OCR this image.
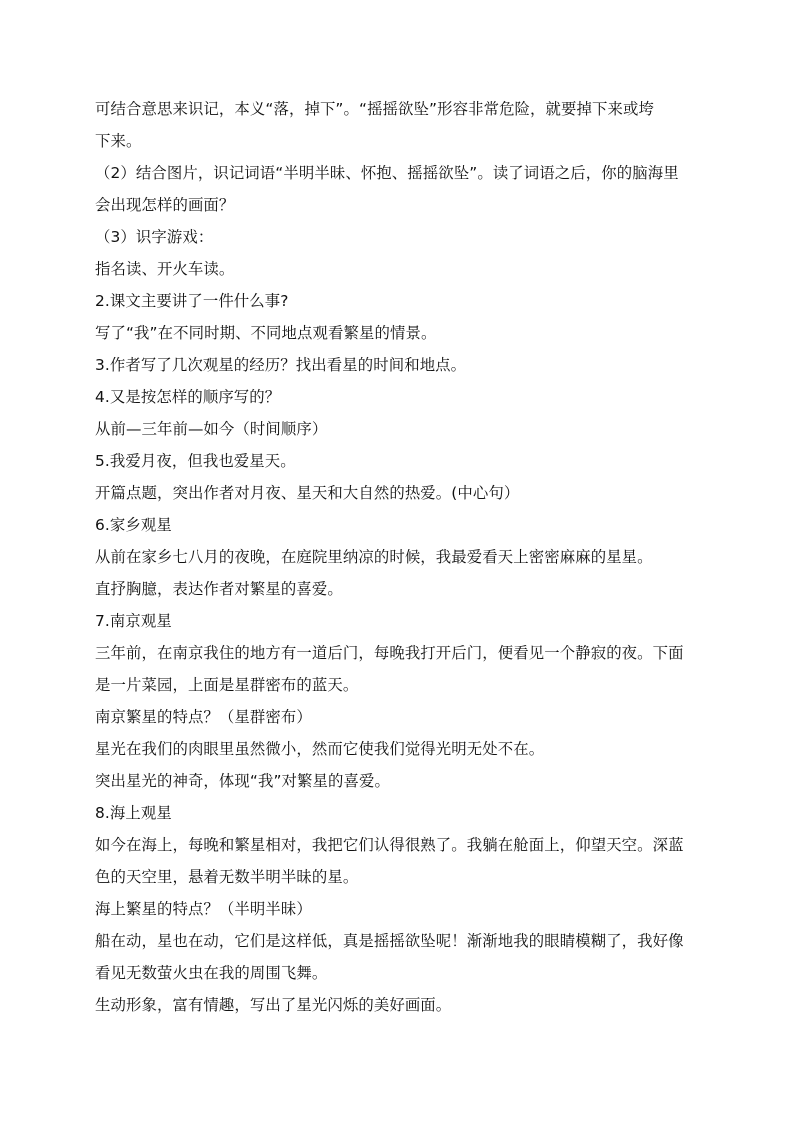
可结合意思来识记，本义“落，掉下”。“摇摇欲坠”形容非常危险，就要掉下来或垮

下来。

（2）结合图片，识记词语“半明半昧、怀抱、摇摇欲坠”。读了词语之后，你的脑海里

会出现怎样的画面？

（3）识字游戏：

指名读、开火车读。

2.课文主要讲了一件什么事?

写了“我”在不同时期、不同地点观看繁星的情景。

3.作者写了几次观星的经历？找出看星的时间和地点。

4.又是按怎样的顺序写的？

从前—三年前—如今（时间顺序）

5.我爱月夜，但我也爱星天。

开篇点题，突出作者对月夜、星天和大自然的热爱。(中心句）

6.家乡观星

从前在家乡七八月的夜晚，在庭院里纳凉的时候，我最爱看天上密密麻麻的星星。

直抒胸臆，表达作者对繁星的喜爱。

7.南京观星

三年前，在南京我住的地方有一道后门，每晚我打开后门，便看见一个静寂的夜。下面

是一片菜园，上面是星群密布的蓝天。

南京繁星的特点？（星群密布）

星光在我们的肉眼里虽然微小，然而它使我们觉得光明无处不在。

突出星光的神奇，体现“我”对繁星的喜爱。

8.海上观星

如今在海上，每晚和繁星相对，我把它们认得很熟了。我躺在舱面上，仰望天空。深蓝

色的天空里，悬着无数半明半昧的星。

海上繁星的特点？（半明半昧）

船在动，星也在动，它们是这样低，真是摇摇欲坠呢！渐渐地我的眼睛模糊了，我好像

看见无数萤火虫在我的周围飞舞。

生动形象，富有情趣，写出了星光闪烁的美好画面。
